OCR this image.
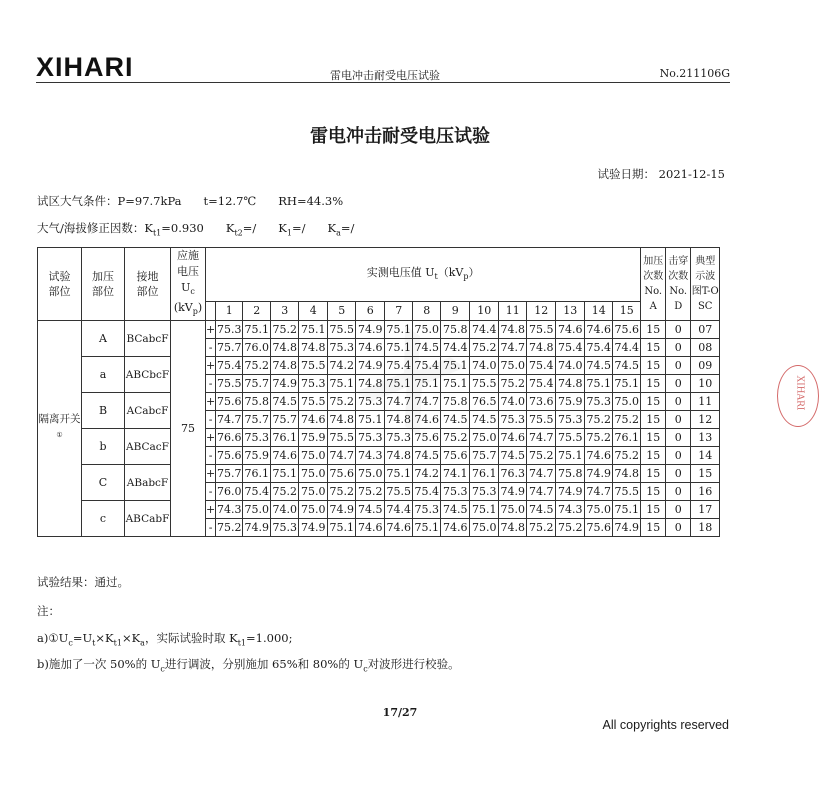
XIHARI	雷电冲击耐受电压试验	No.211106G
雷电冲击耐受电压试验
试验日期： 2021-12-15
试区大气条件：P=97.7kPa t=12.7℃ RH=44.3%
大气/海拔修正因数：$K_{t1}=0.930$ $K_{t2}=/$ $K_1=/$ $K_a=/$
试验部位	加压部位	接地部位	应施电压
$U_c$
$(kV_p)$	实测电压值 $U_t(kV_p)$																加压次数No.A	击穿次数No.D	典型示波图T-OSC
					1	2	3	4	5	6	7	8	9	10	11	12	13	14	15			
隔离开关①	A	BCabcF	75	+	75.3	75.1	75.2	75.1	75.5	74.9	75.1	75.0	75.8	74.4	74.8	75.5	74.6	74.6	75.6	15	0	07
				-	75.7	76.0	74.8	74.8	75.3	74.6	75.1	74.5	74.4	75.2	74.7	74.8	75.4	75.4	74.4	15	0	08
	a	ABCbcF		+	75.4	75.2	74.8	75.5	74.2	74.9	75.4	75.4	75.1	74.0	75.0	75.4	74.0	74.5	74.5	15	0	09
				-	75.5	75.7	74.9	75.3	75.1	74.8	75.1	75.1	75.1	75.5	75.2	75.4	74.8	75.1	75.1	15	0	10
	B	ACabcF		+	75.6	75.8	74.5	75.5	75.2	75.3	74.7	74.7	75.8	76.5	74.0	73.6	75.9	75.3	75.0	15	0	11
				-	74.7	75.7	75.7	74.6	74.8	75.1	74.8	74.6	74.5	74.5	75.3	75.5	75.3	75.2	75.2	15	0	12
	b	ABCacF		+	76.6	75.3	76.1	75.9	75.5	75.3	75.3	75.6	75.2	75.0	74.6	74.7	75.5	75.2	76.1	15	0	13
				-	75.6	75.9	74.6	75.0	74.7	74.3	74.8	74.5	75.6	75.7	74.5	75.2	75.1	74.6	75.2	15	0	14
	C	ABabcF		+	75.7	76.1	75.1	75.0	75.6	75.0	75.1	74.2	74.1	76.1	76.3	74.7	75.8	74.9	74.8	15	0	15
				-	76.0	75.4	75.2	75.0	75.2	75.2	75.5	75.4	75.3	75.3	74.9	74.7	74.9	74.7	75.5	15	0	16
	c	ABCabF		+	74.3	75.0	74.0	75.0	74.9	74.5	74.4	75.3	74.5	75.1	75.0	74.5	74.3	75.0	75.1	15	0	17
				-	75.2	74.9	75.3	74.9	75.1	74.6	74.6	75.1	74.6	75.0	74.8	75.2	75.2	75.6	74.9	15	0	18
试验结果：通过。
注：
$a)①U_c=U_t\times K_{t1}\times K_a$，实际试验时取 $K_{t1}=1.000$;
b)施加了一次 50%的 $U_c$进行调波，分别施加 65%和 80%的 $U_c$对波形进行校验。
17/27
All copyrights reserved
XIHARI
